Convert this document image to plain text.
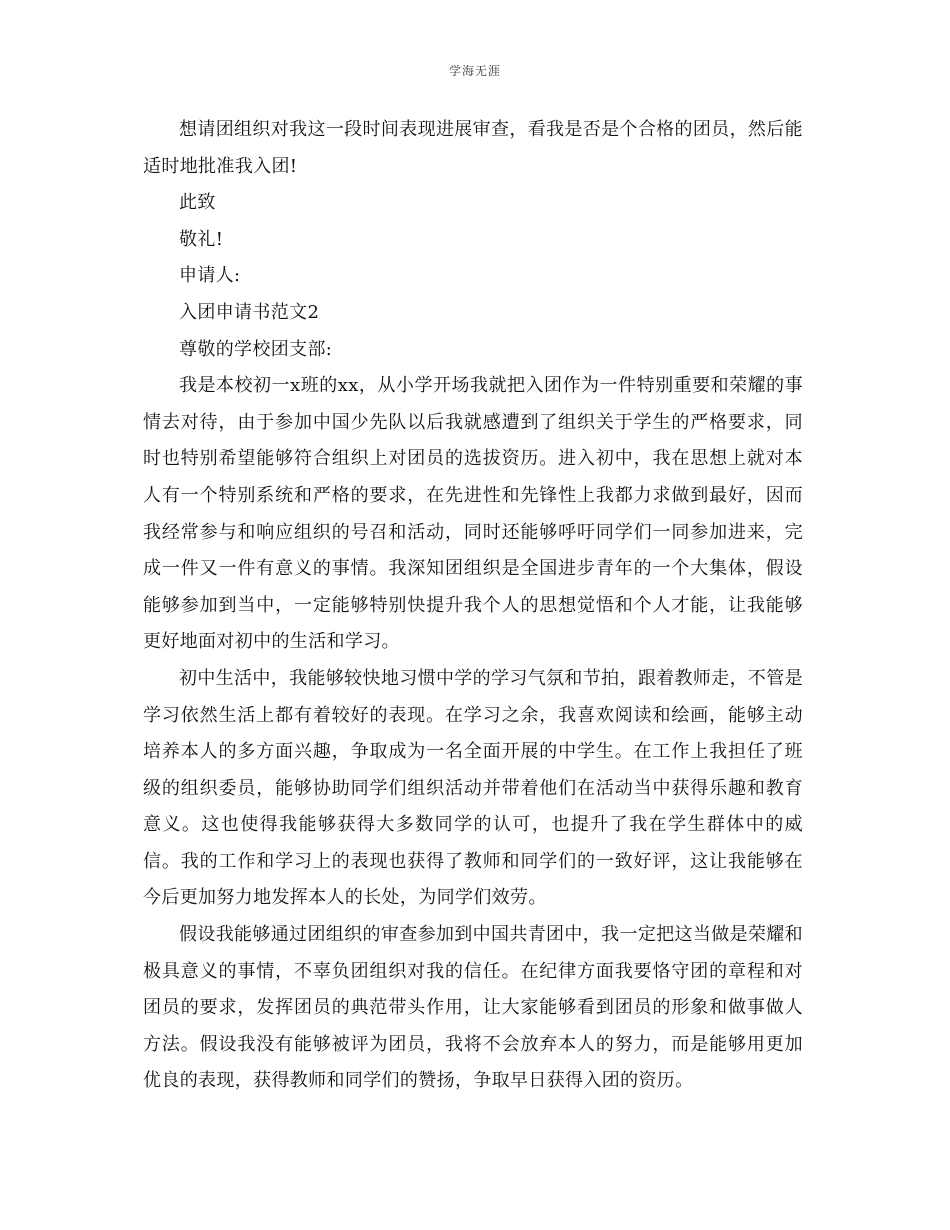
学海无涯

想请团组织对我这一段时间表现进展审查，看我是否是个合格的团员，然后能适时地批准我入团!

此致

敬礼!

申请人:

入团申请书范文2

尊敬的学校团支部:

我是本校初一x班的xx，从小学开场我就把入团作为一件特别重要和荣耀的事情去对待，由于参加中国少先队以后我就感遭到了组织关于学生的严格要求，同时也特别希望能够符合组织上对团员的选拔资历。进入初中，我在思想上就对本人有一个特别系统和严格的要求，在先进性和先锋性上我都力求做到最好，因而我经常参与和响应组织的号召和活动，同时还能够呼吁同学们一同参加进来，完成一件又一件有意义的事情。我深知团组织是全国进步青年的一个大集体，假设能够参加到当中，一定能够特别快提升我个人的思想觉悟和个人才能，让我能够更好地面对初中的生活和学习。

初中生活中，我能够较快地习惯中学的学习气氛和节拍，跟着教师走，不管是学习依然生活上都有着较好的表现。在学习之余，我喜欢阅读和绘画，能够主动培养本人的多方面兴趣，争取成为一名全面开展的中学生。在工作上我担任了班级的组织委员，能够协助同学们组织活动并带着他们在活动当中获得乐趣和教育意义。这也使得我能够获得大多数同学的认可，也提升了我在学生群体中的威信。我的工作和学习上的表现也获得了教师和同学们的一致好评，这让我能够在今后更加努力地发挥本人的长处，为同学们效劳。

假设我能够通过团组织的审查参加到中国共青团中，我一定把这当做是荣耀和极具意义的事情，不辜负团组织对我的信任。在纪律方面我要恪守团的章程和对团员的要求，发挥团员的典范带头作用，让大家能够看到团员的形象和做事做人方法。假设我没有能够被评为团员，我将不会放弃本人的努力，而是能够用更加优良的表现，获得教师和同学们的赞扬，争取早日获得入团的资历。
